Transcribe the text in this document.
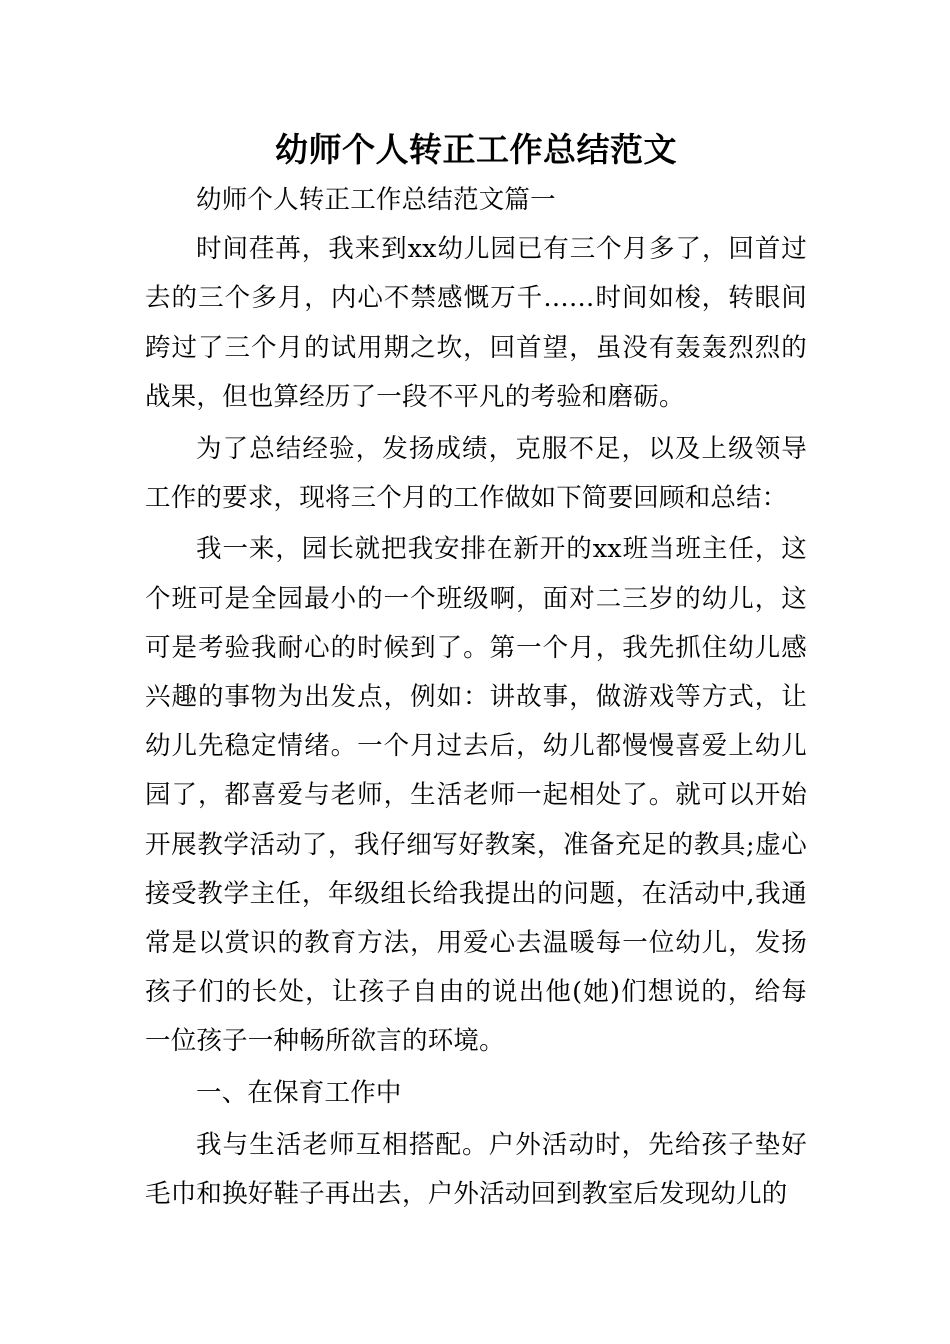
幼师个人转正工作总结范文

幼师个人转正工作总结范文篇一

时间荏苒，我来到xx幼儿园已有三个月多了，回首过去的三个多月，内心不禁感慨万千……时间如梭，转眼间跨过了三个月的试用期之坎，回首望，虽没有轰轰烈烈的战果，但也算经历了一段不平凡的考验和磨砺。

为了总结经验，发扬成绩，克服不足，以及上级领导工作的要求，现将三个月的工作做如下简要回顾和总结：

我一来，园长就把我安排在新开的xx班当班主任，这个班可是全园最小的一个班级啊，面对二三岁的幼儿，这可是考验我耐心的时候到了。第一个月，我先抓住幼儿感兴趣的事物为出发点，例如：讲故事，做游戏等方式，让幼儿先稳定情绪。一个月过去后，幼儿都慢慢喜爱上幼儿园了，都喜爱与老师，生活老师一起相处了。就可以开始开展教学活动了，我仔细写好教案，准备充足的教具;虚心接受教学主任，年级组长给我提出的问题，在活动中,我通常是以赏识的教育方法，用爱心去温暖每一位幼儿，发扬孩子们的长处，让孩子自由的说出他(她)们想说的，给每一位孩子一种畅所欲言的环境。

一、在保育工作中

我与生活老师互相搭配。户外活动时，先给孩子垫好毛巾和换好鞋子再出去，户外活动回到教室后发现幼儿的
